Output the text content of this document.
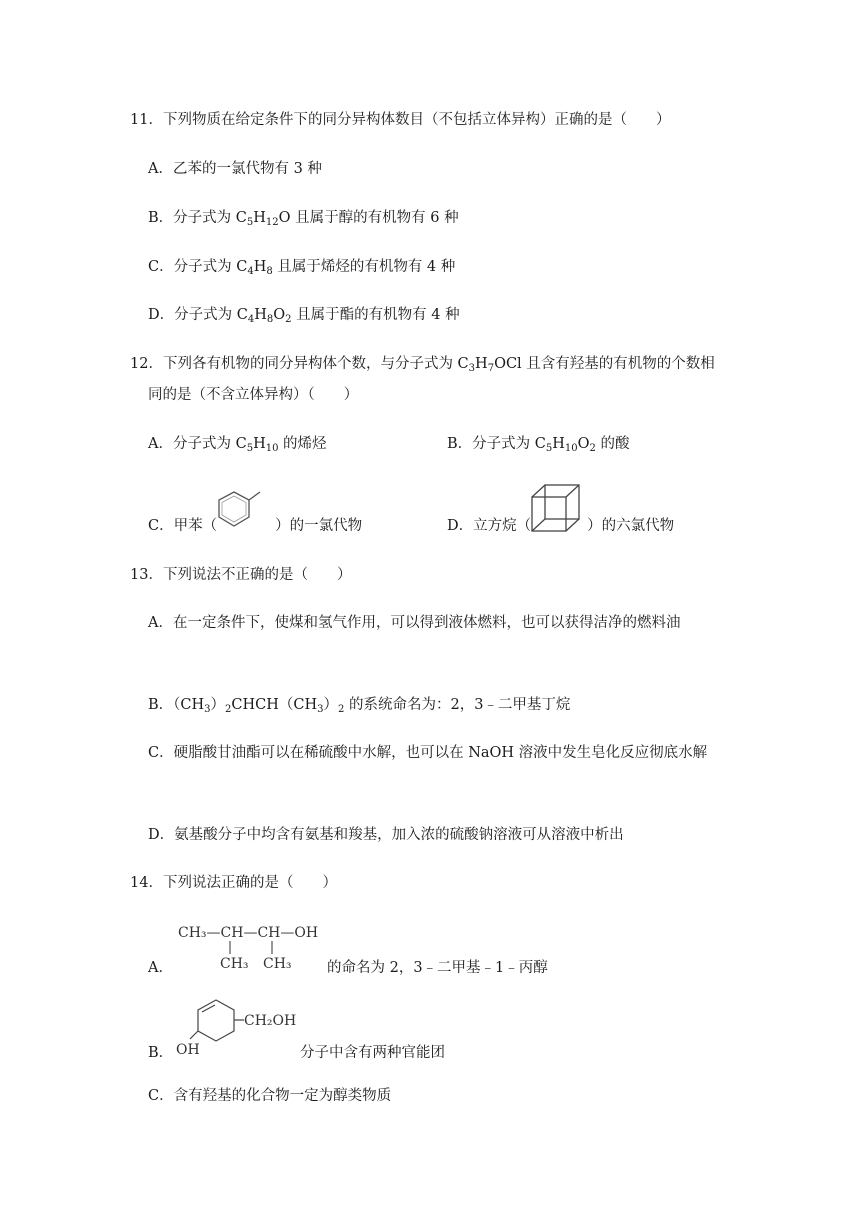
11．下列物质在给定条件下的同分异构体数目（不包括立体异构）正确的是（　　）
A．乙苯的一氯代物有 3 种
B．分子式为 $C_5H_{12}O$ 且属于醇的有机物有 6 种
C．分子式为 $C_4H_8$ 且属于烯烃的有机物有 4 种
D．分子式为 $C_4H_8O_2$ 且属于酯的有机物有 4 种
12．下列各有机物的同分异构体个数，与分子式为 $C_3H_7OCl$ 且含有羟基的有机物的个数相
同的是（不含立体异构）（　　）
A．分子式为 $C_5H_{10}$ 的烯烃	B．分子式为 $C_5H_{10}O_2$ 的酸
C．甲苯（	）的一氯代物	D．立方烷（	）的六氯代物
13．下列说法不正确的是（　　）
A．在一定条件下，使煤和氢气作用，可以得到液体燃料，也可以获得洁净的燃料油
B．$(CH_3)_2CHCH(CH_3)_2$ 的系统命名为：2，3﹣二甲基丁烷
C．硬脂酸甘油酯可以在稀硫酸中水解，也可以在 NaOH 溶液中发生皂化反应彻底水解
D．氨基酸分子中均含有氨基和羧基，加入浓的硫酸钠溶液可从溶液中析出
14．下列说法正确的是（　　）
CH₃—CH—CH—OH
CH₃ CH₃
A．	的命名为 2，3﹣二甲基﹣1﹣丙醇
CH₂OH
OH
B．	分子中含有两种官能团
C．含有羟基的化合物一定为醇类物质
